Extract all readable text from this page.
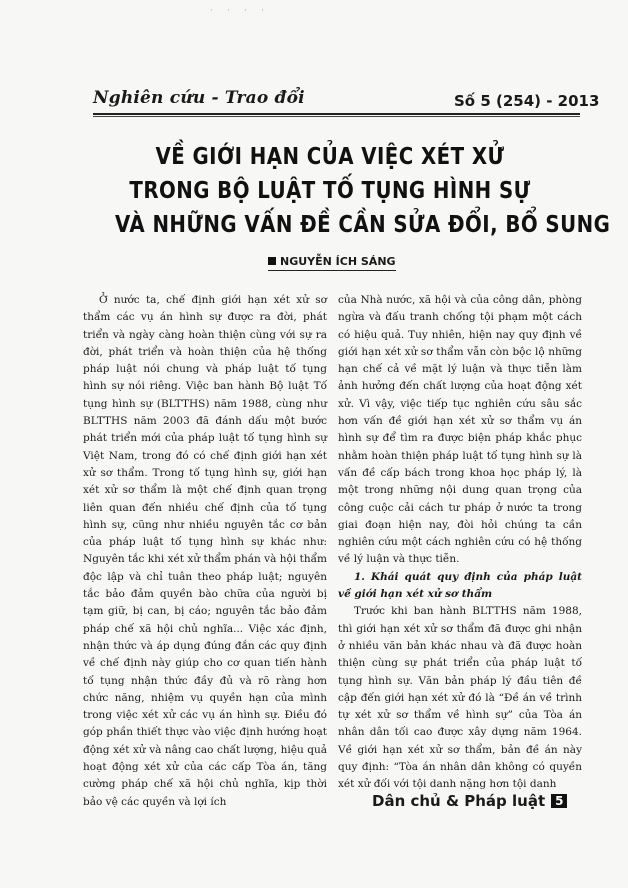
· · · ·
Nghiên cứu - Trao đổi	Số 5 (254) - 2013
VỀ GIỚI HẠN CỦA VIỆC XÉT XỬ
TRONG BỘ LUẬT TỐ TỤNG HÌNH SỰ
VÀ NHỮNG VẤN ĐỀ CẦN SỬA ĐỔI, BỔ SUNG
NGUYỄN ÍCH SÁNG

Ở nước ta, chế định giới hạn xét xử sơ thẩm các vụ án hình sự được ra đời, phát triển và ngày càng hoàn thiện cùng với sự ra đời, phát triển và hoàn thiện của hệ thống pháp luật nói chung và pháp luật tố tụng hình sự nói riêng. Việc ban hành Bộ luật Tố tụng hình sự (BLTTHS) năm 1988, cùng như BLTTHS năm 2003 đã đánh dấu một bước phát triển mới của pháp luật tố tụng hình sự Việt Nam, trong đó có chế định giới hạn xét xử sơ thẩm. Trong tố tụng hình sự, giới hạn xét xử sơ thẩm là một chế định quan trọng liên quan đến nhiều chế định của tố tụng hình sự, cũng như nhiều nguyên tắc cơ bản của pháp luật tố tụng hình sự khác như: Nguyên tắc khi xét xử thẩm phán và hội thẩm độc lập và chỉ tuân theo pháp luật; nguyên tắc bảo đảm quyền bào chữa của người bị tạm giữ, bị can, bị cáo; nguyên tắc bảo đảm pháp chế xã hội chủ nghĩa... Việc xác định, nhận thức và áp dụng đúng đắn các quy định về chế định này giúp cho cơ quan tiến hành tố tụng nhận thức đầy đủ và rõ ràng hơn chức năng, nhiệm vụ quyền hạn của mình trong việc xét xử các vụ án hình sự. Điều đó góp phần thiết thực vào việc định hướng hoạt động xét xử và nâng cao chất lượng, hiệu quả hoạt động xét xử của các cấp Tòa án, tăng cường pháp chế xã hội chủ nghĩa, kịp thời bảo vệ các quyền và lợi ích

của Nhà nước, xã hội và của công dân, phòng ngừa và đấu tranh chống tội phạm một cách có hiệu quả. Tuy nhiên, hiện nay quy định về giới hạn xét xử sơ thẩm vẫn còn bộc lộ những hạn chế cả về mặt lý luận và thực tiễn làm ảnh hưởng đến chất lượng của hoạt động xét xử. Vì vậy, việc tiếp tục nghiên cứu sâu sắc hơn vấn đề giới hạn xét xử sơ thẩm vụ án hình sự để tìm ra được biện pháp khắc phục nhằm hoàn thiện pháp luật tố tụng hình sự là vấn đề cấp bách trong khoa học pháp lý, là một trong những nội dung quan trọng của công cuộc cải cách tư pháp ở nước ta trong giai đoạn hiện nay, đòi hỏi chúng ta cần nghiên cứu một cách nghiên cứu có hệ thống về lý luận và thực tiễn.

1. Khái quát quy định của pháp luật về giới hạn xét xử sơ thẩm

Trước khi ban hành BLTTHS năm 1988, thì giới hạn xét xử sơ thẩm đã được ghi nhận ở nhiều văn bản khác nhau và đã được hoàn thiện cùng sự phát triển của pháp luật tố tụng hình sự. Văn bản pháp lý đầu tiên đề cập đến giới hạn xét xử đó là “Đề án về trình tự xét xử sơ thẩm về hình sự” của Tòa án nhân dân tối cao được xây dựng năm 1964. Về giới hạn xét xử sơ thẩm, bản đề án này quy định: “Tòa án nhân dân không có quyền xét xử đối với tội danh nặng hơn tội danh

Dân chủ & Pháp luật 5
